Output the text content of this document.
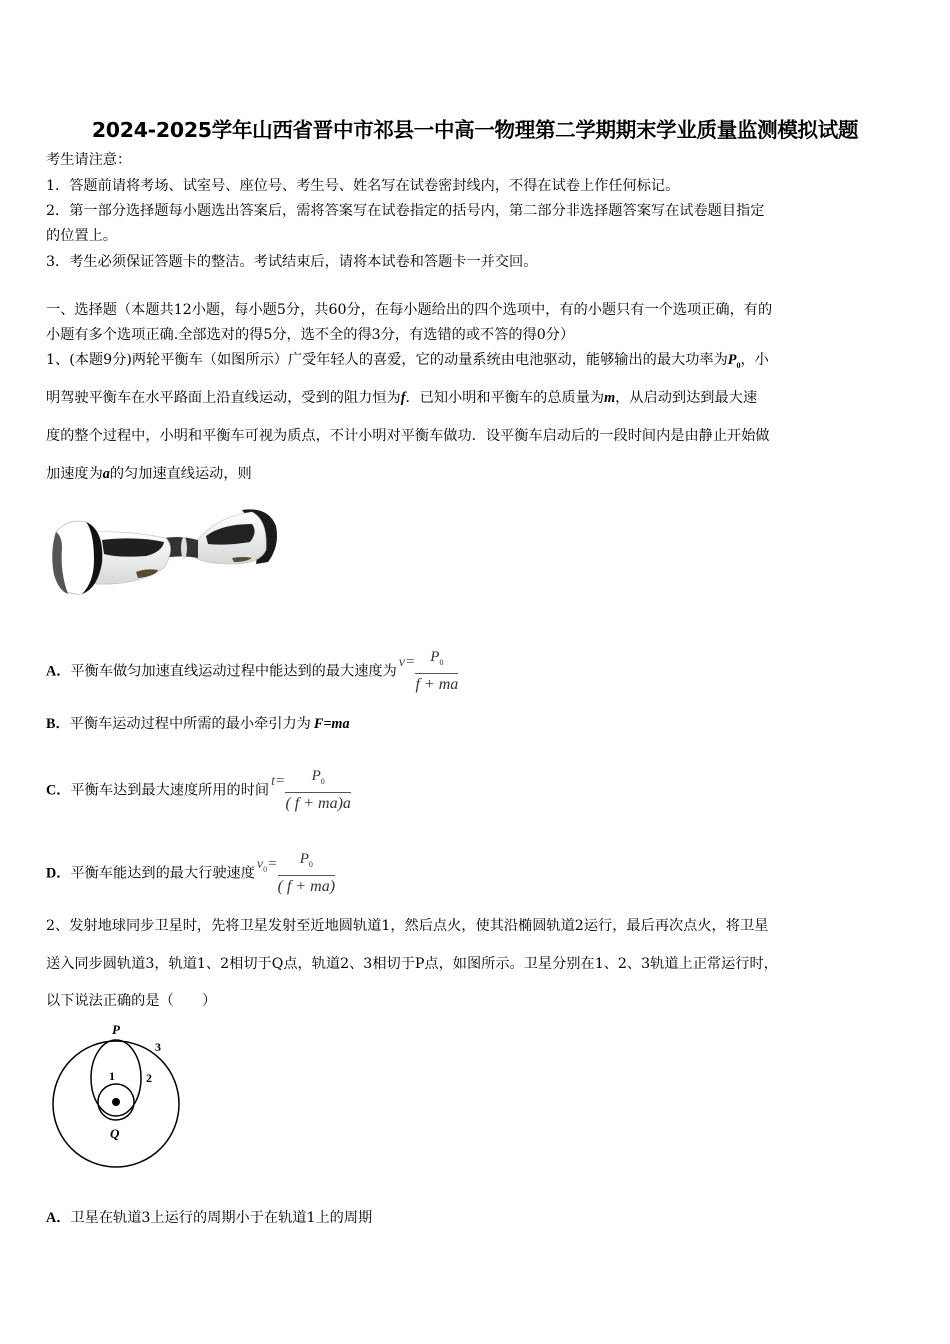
2024-2025学年山西省晋中市祁县一中高一物理第二学期期末学业质量监测模拟试题
考生请注意：
1．答题前请将考场、试室号、座位号、考生号、姓名写在试卷密封线内，不得在试卷上作任何标记。
2．第一部分选择题每小题选出答案后，需将答案写在试卷指定的括号内，第二部分非选择题答案写在试卷题目指定
的位置上。
3．考生必须保证答题卡的整洁。考试结束后，请将本试卷和答题卡一并交回。
一、选择题（本题共12小题，每小题5分，共60分，在每小题给出的四个选项中，有的小题只有一个选项正确，有的
小题有多个选项正确.全部选对的得5分，选不全的得3分，有选错的或不答的得0分）
1、(本题9分)两轮平衡车（如图所示）广受年轻人的喜爱，它的动量系统由电池驱动，能够输出的最大功率为$P_0$，小
明驾驶平衡车在水平路面上沿直线运动，受到的阻力恒为f．已知小明和平衡车的总质量为m，从启动到达到最大速
度的整个过程中，小明和平衡车可视为质点，不计小明对平衡车做功．设平衡车启动后的一段时间内是由静止开始做
加速度为a的匀加速直线运动，则
A．平衡车做匀加速直线运动过程中能达到的最大速度为$v= \frac{P_0}{f + ma}$
B．平衡车运动过程中所需的最小牵引力为 F=ma
C．平衡车达到最大速度所用的时间$t= \frac{P_0}{( f + ma)a}$
D．平衡车能达到的最大行驶速度$v_0= \frac{P_0}{( f + ma)}$
2、发射地球同步卫星时，先将卫星发射至近地圆轨道1，然后点火，使其沿椭圆轨道2运行，最后再次点火，将卫星
送入同步圆轨道3，轨道1、2相切于Q点，轨道2、3相切于P点，如图所示。卫星分别在1、2、3轨道上正常运行时，
以下说法正确的是（　　）
P
Q
1	2
3
A．卫星在轨道3上运行的周期小于在轨道1上的周期
